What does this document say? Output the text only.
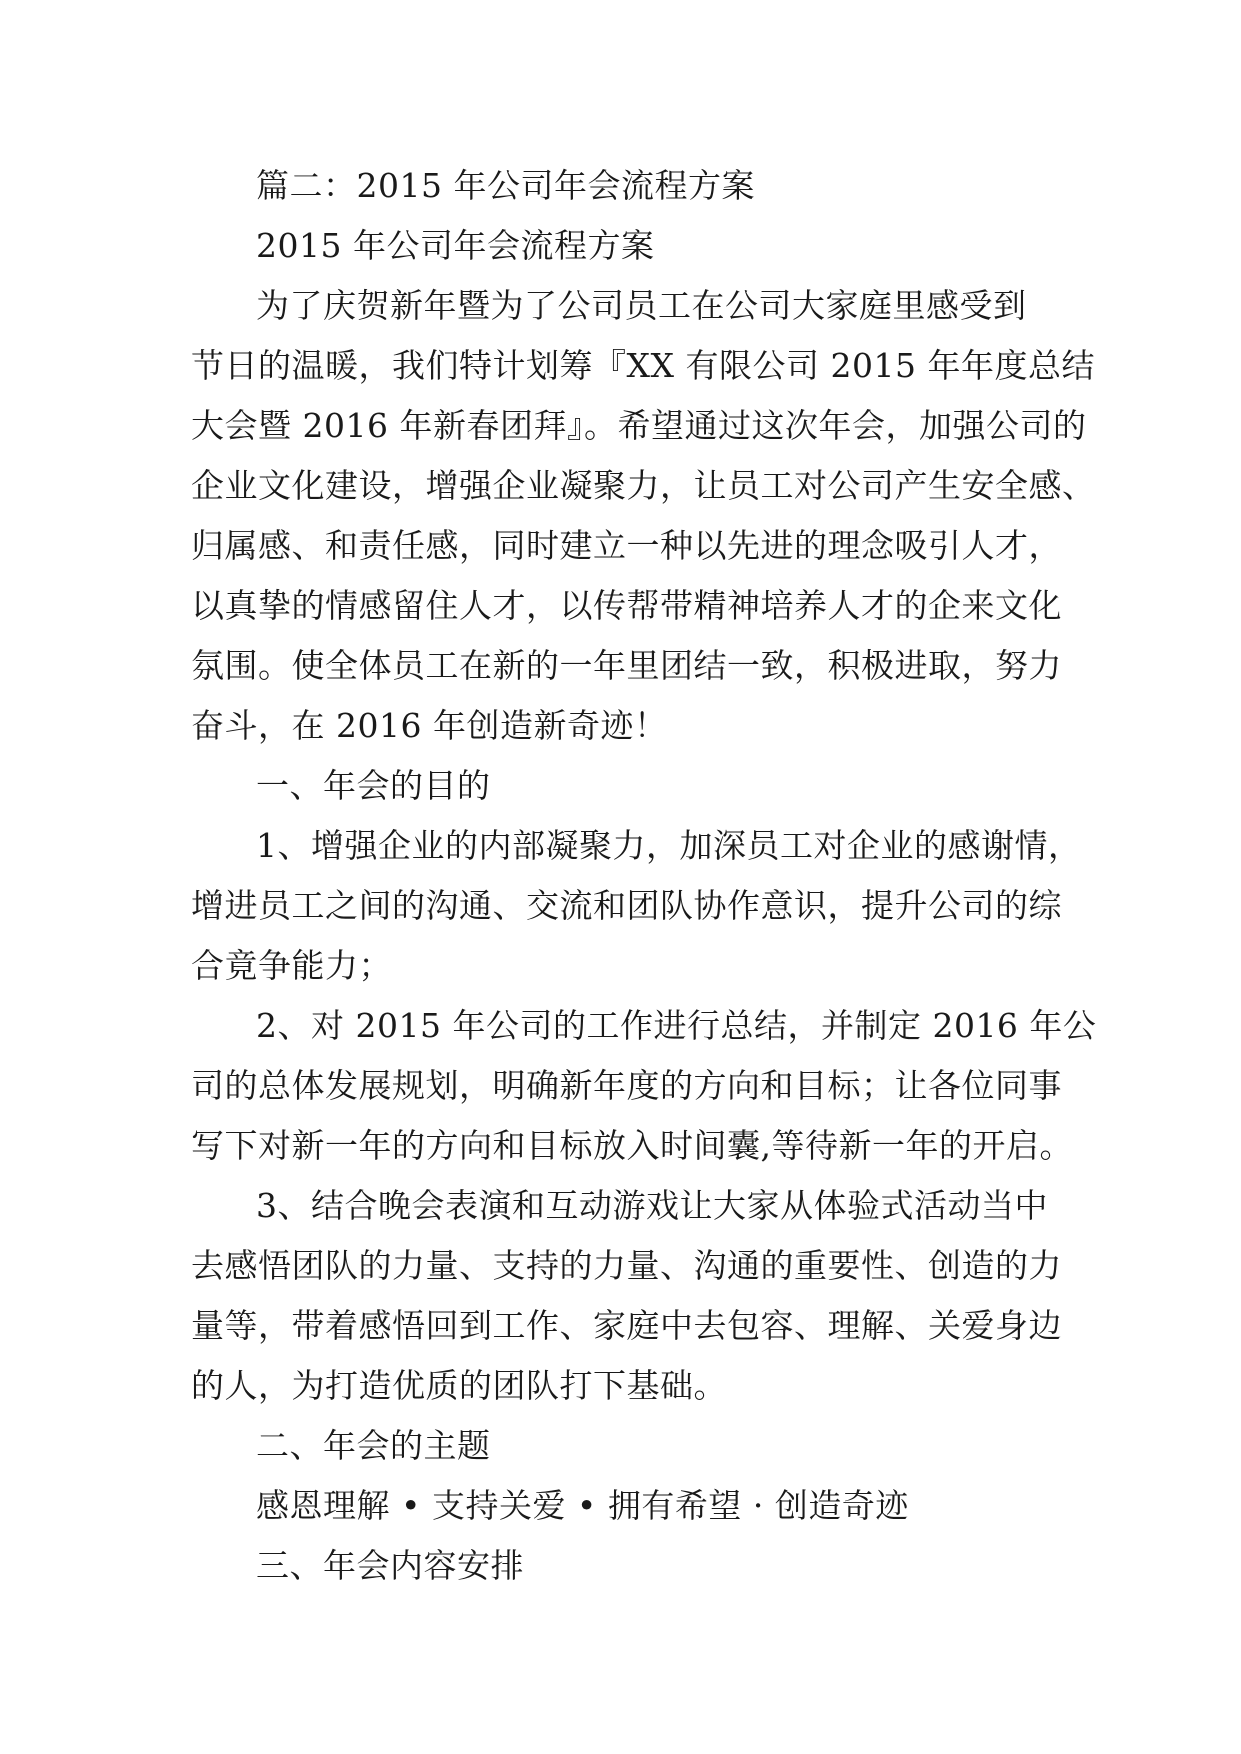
篇二：2015 年公司年会流程方案
2015 年公司年会流程方案
为了庆贺新年暨为了公司员工在公司大家庭里感受到
节日的温暖，我们特计划筹『XX 有限公司 2015 年年度总结
大会暨 2016 年新春团拜』。希望通过这次年会，加强公司的
企业文化建设，增强企业凝聚力，让员工对公司产生安全感、
归属感、和责任感，同时建立一种以先进的理念吸引人才，
以真挚的情感留住人才，以传帮带精神培养人才的企来文化
氛围。使全体员工在新的一年里团结一致，积极进取，努力
奋斗，在 2016 年创造新奇迹！
一、年会的目的
1、增强企业的内部凝聚力，加深员工对企业的感谢情，
增进员工之间的沟通、交流和团队协作意识，提升公司的综
合竟争能力；
2、对 2015 年公司的工作进行总结，并制定 2016 年公
司的总体发展规划，明确新年度的方向和目标；让各位同事
写下对新一年的方向和目标放入时间囊,等待新一年的开启。
3、结合晚会表演和互动游戏让大家从体验式活动当中
去感悟团队的力量、支持的力量、沟通的重要性、创造的力
量等，带着感悟回到工作、家庭中去包容、理解、关爱身边
的人，为打造优质的团队打下基础。
二、年会的主题
感恩理解 • 支持关爱 • 拥有希望 · 创造奇迹
三、年会内容安排
